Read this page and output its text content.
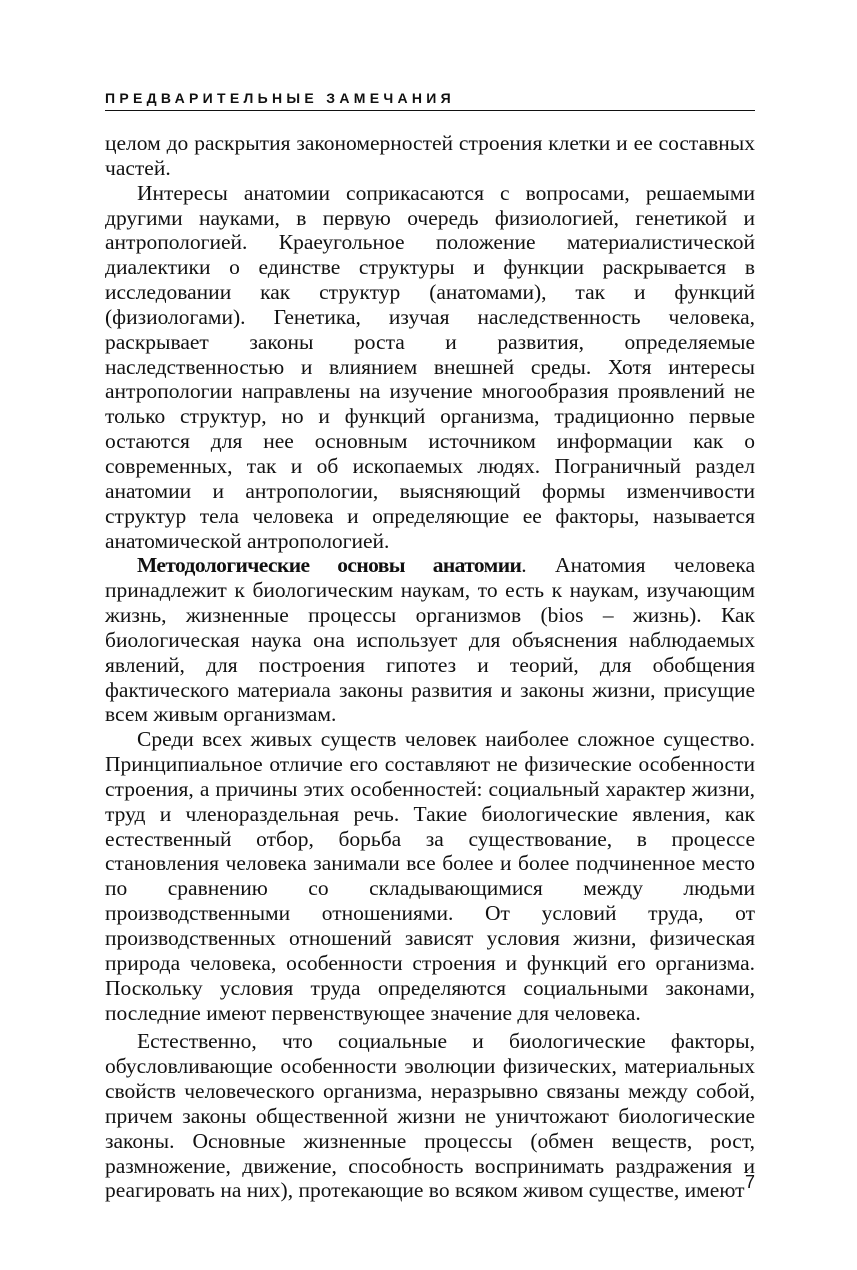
ПРЕДВАРИТЕЛЬНЫЕ ЗАМЕЧАНИЯ

целом до раскрытия закономерностей строения клетки и ее составных частей.

Интересы анатомии соприкасаются с вопросами, решаемыми другими науками, в первую очередь физиологией, генетикой и антропологией. Краеугольное положение материалистической диалектики о единстве структуры и функции раскрывается в исследовании как структур (анатомами), так и функций (физиологами). Генетика, изучая наследственность человека, раскрывает законы роста и развития, определяемые наследственностью и влиянием внешней среды. Хотя интересы антропологии направлены на изучение многообразия проявлений не только структур, но и функций организма, традиционно первые остаются для нее основным источником информации как о современных, так и об ископаемых людях. Пограничный раздел анатомии и антропологии, выясняющий формы изменчивости структур тела человека и определяющие ее факторы, называется анатомической антропологией.

Методологические основы анатомии. Анатомия человека принадлежит к биологическим наукам, то есть к наукам, изучающим жизнь, жизненные процессы организмов (bios – жизнь). Как биологическая наука она использует для объяснения наблюдаемых явлений, для построения гипотез и теорий, для обобщения фактического материала законы развития и законы жизни, присущие всем живым организмам.

Среди всех живых существ человек наиболее сложное существо. Принципиальное отличие его составляют не физические особенности строения, а причины этих особенностей: социальный характер жизни, труд и членораздельная речь. Такие биологические явления, как естественный отбор, борьба за существование, в процессе становления человека занимали все более и более подчиненное место по сравнению со складывающимися между людьми производственными отношениями. От условий труда, от производственных отношений зависят условия жизни, физическая природа человека, особенности строения и функций его организма. Поскольку условия труда определяются социальными законами, последние имеют первенствующее значение для человека.

Естественно, что социальные и биологические факторы, обусловливающие особенности эволюции физических, материальных свойств человеческого организма, неразрывно связаны между собой, причем законы общественной жизни не уничтожают биологические законы. Основные жизненные процессы (обмен веществ, рост, размножение, движение, способность воспринимать раздражения и реагировать на них), протекающие во всяком живом существе, имеют 7
